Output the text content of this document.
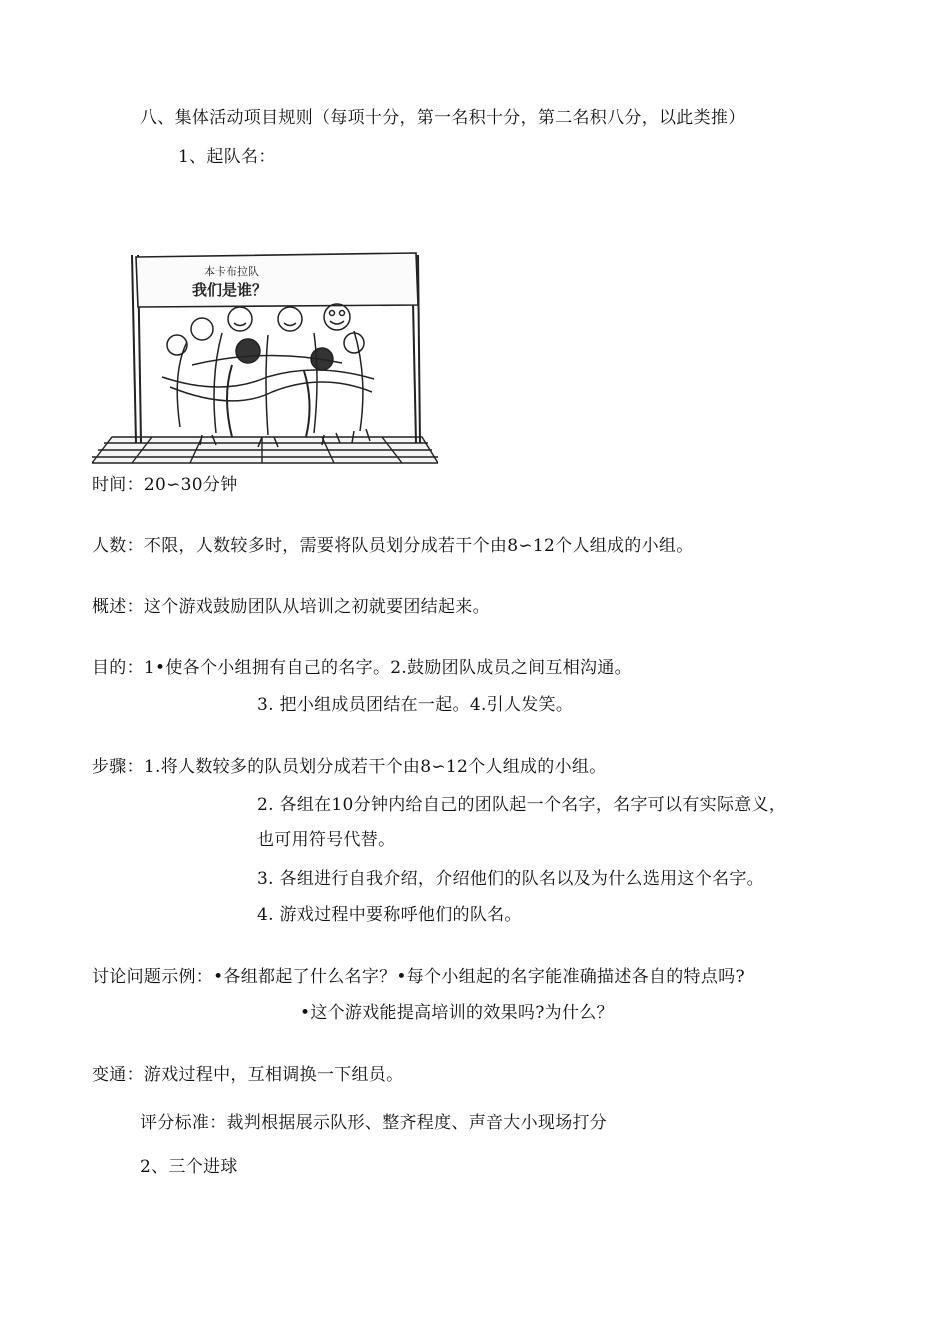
八、集体活动项目规则（每项十分，第一名积十分，第二名积八分，以此类推）
1、起队名：
本卡布拉队
我们是谁？
时间：20∽30分钟
人数：不限，人数较多时，需要将队员划分成若干个由8∽12个人组成的小组。
概述：这个游戏鼓励团队从培训之初就要团结起来。
目的：1•使各个小组拥有自己的名字。2.鼓励团队成员之间互相沟通。
3. 把小组成员团结在一起。4.引人发笑。
步骤：1.将人数较多的队员划分成若干个由8∽12个人组成的小组。
2. 各组在10分钟内给自己的团队起一个名字，名字可以有实际意义，
也可用符号代替。
3. 各组进行自我介绍，介绍他们的队名以及为什么选用这个名字。
4. 游戏过程中要称呼他们的队名。
讨论问题示例：•各组都起了什么名字？•每个小组起的名字能准确描述各自的特点吗?
•这个游戏能提高培训的效果吗?为什么？
变通：游戏过程中，互相调换一下组员。
评分标准：裁判根据展示队形、整齐程度、声音大小现场打分
2、三个进球
